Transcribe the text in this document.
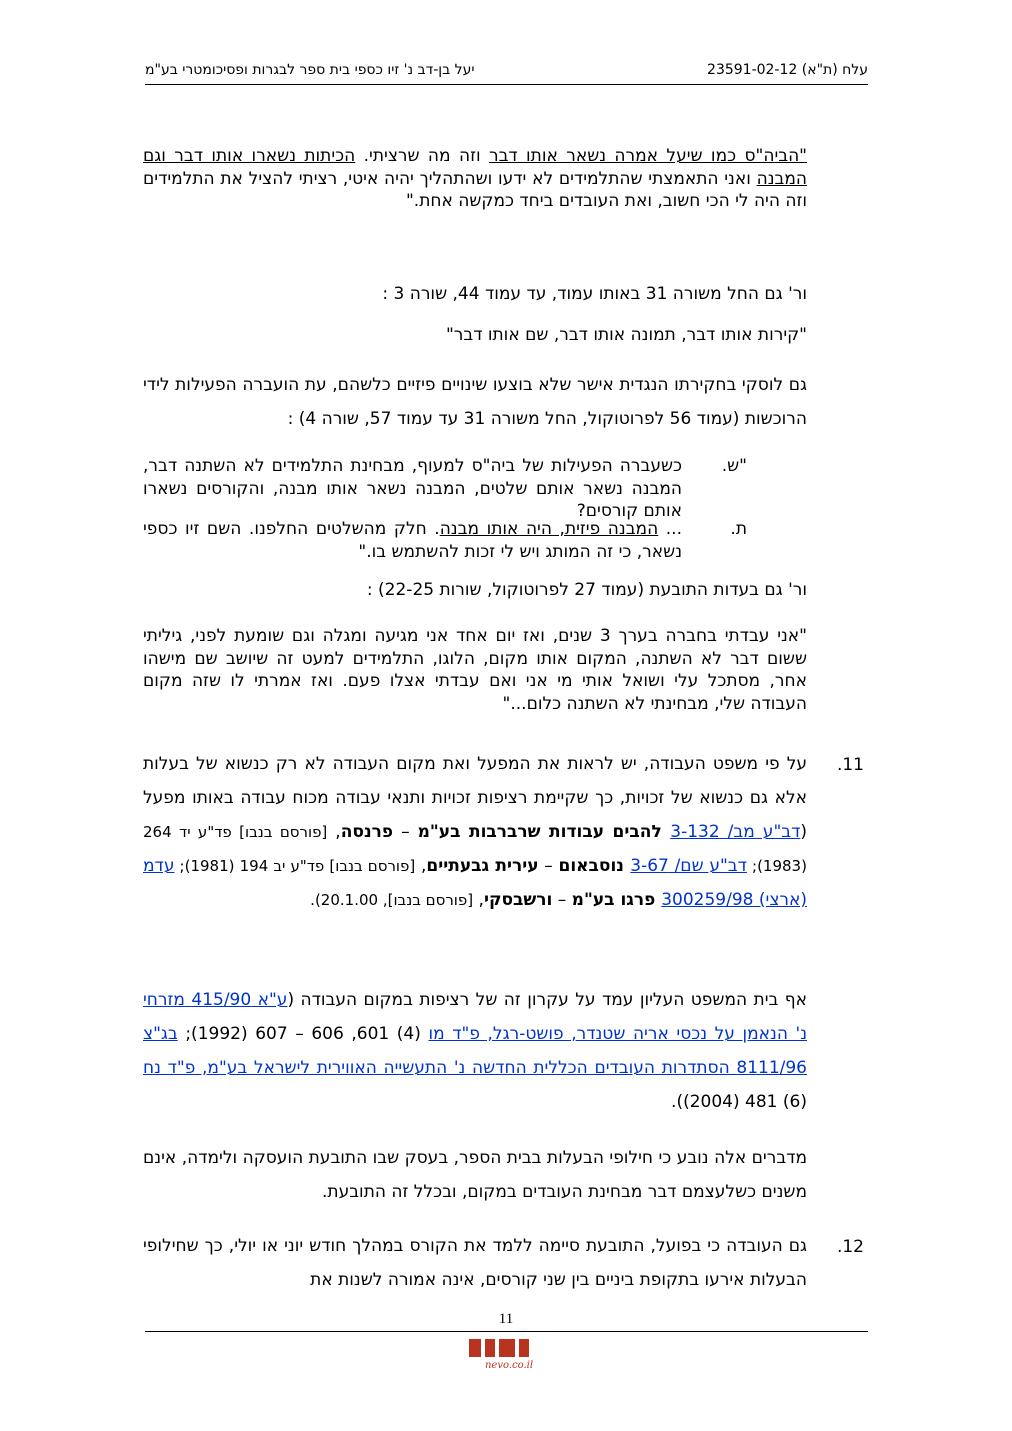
23591-02-12 עלח (ת"א)
יעל בן-דב נ' זיו כספי בית ספר לבגרות ופסיכומטרי בע"מ
"הביה"ס כמו שיעל אמרה נשאר אותו דבר וזה מה שרציתי. הכיתות נשארו אותו דבר וגם המבנה ואני התאמצתי שהתלמידים לא ידעו ושהתהליך יהיה איטי, רציתי להציל את התלמידים וזה היה לי הכי חשוב, ואת העובדים ביחד כמקשה אחת."
ור' גם החל משורה 31 באותו עמוד, עד עמוד 44, שורה 3 :
"קירות אותו דבר, תמונה אותו דבר, שם אותו דבר"
גם לוסקי בחקירתו הנגדית אישר שלא בוצעו שינויים פיזיים כלשהם, עת הועברה הפעילות לידי הרוכשות (עמוד 56 לפרוטוקול, החל משורה 31 עד עמוד 57, שורה 4) :
"ש.
כשעברה הפעילות של ביה"ס למעוף, מבחינת התלמידים לא השתנה דבר, המבנה נשאר אותם שלטים, המבנה נשאר אותו מבנה, והקורסים נשארו אותם קורסים?
ת.
... המבנה פיזית, היה אותו מבנה. חלק מהשלטים החלפנו. השם זיו כספי נשאר, כי זה המותג ויש לי זכות להשתמש בו."
ור' גם בעדות התובעת (עמוד 27 לפרוטוקול, שורות 22-25) :
"אני עבדתי בחברה בערך 3 שנים, ואז יום אחד אני מגיעה ומגלה וגם שומעת לפני, גיליתי ששום דבר לא השתנה, המקום אותו מקום, הלוגו, התלמידים למעט זה שיושב שם מישהו אחר, מסתכל עלי ושואל אותי מי אני ואם עבדתי אצלו פעם. ואז אמרתי לו שזה מקום העבודה שלי, מבחינתי לא השתנה כלום..."
11.
על פי משפט העבודה, יש לראות את המפעל ואת מקום העבודה לא רק כנשוא של בעלות אלא גם כנשוא של זכויות, כך שקיימת רציפות זכויות ותנאי עבודה מכוח עבודה באותו מפעל (דב"ע מב/ 3-132 להבים עבודות שרברבות בע"מ – פרנסה, [פורסם בנבו] פד"ע יד 264 (1983); דב"ע שם/ 3-67 נוסבאום – עירית גבעתיים, [פורסם בנבו] פד"ע יב 194 (1981); עדמ (ארצי) 300259/98 פרגו בע"מ – ורשבסקי, [פורסם בנבו], 20.1.00).
אף בית המשפט העליון עמד על עקרון זה של רציפות במקום העבודה (ע"א 415/90 מזרחי נ' הנאמן על נכסי אריה שטנדר, פושט-רגל, פ"ד מו (4) 601, 606 – 607 (1992); בג"צ 8111/96 הסתדרות העובדים הכללית החדשה נ' התעשייה האווירית לישראל בע"מ, פ"ד נח (6) 481 (2004)).
מדברים אלה נובע כי חילופי הבעלות בבית הספר, בעסק שבו התובעת הועסקה ולימדה, אינם משנים כשלעצמם דבר מבחינת העובדים במקום, ובכלל זה התובעת.
12.
גם העובדה כי בפועל, התובעת סיימה ללמד את הקורס במהלך חודש יוני או יולי, כך שחילופי הבעלות אירעו בתקופת ביניים בין שני קורסים, אינה אמורה לשנות את
11
nevo.co.il
